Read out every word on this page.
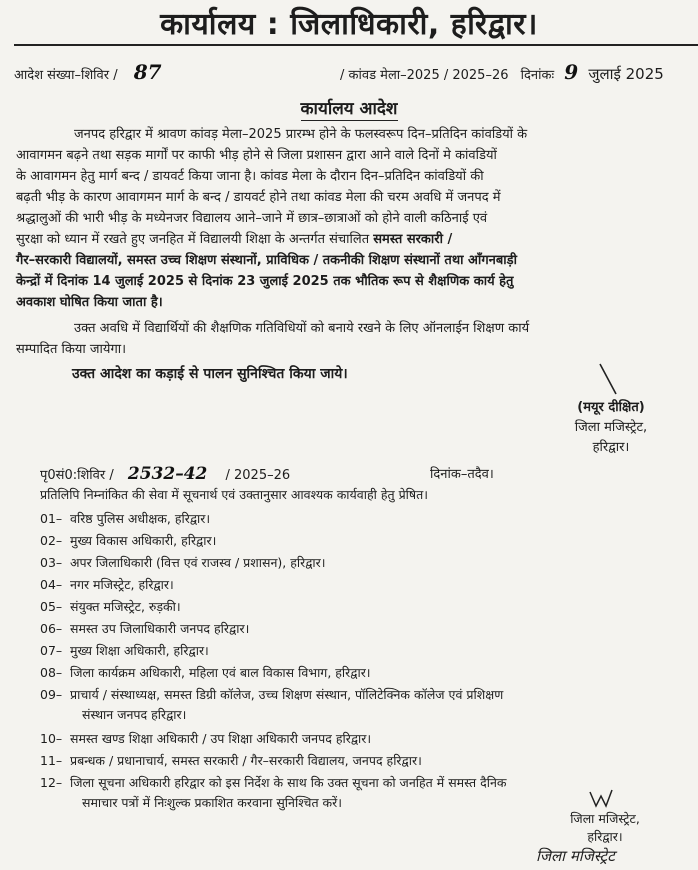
कार्यालय : जिलाधिकारी, हरिद्वार।
आदेश संख्या–शिविर / 87	/ कांवड मेला–2025 / 2025–26 दिनांकः 9 जुलाई 2025
कार्यालय आदेश
जनपद हरिद्वार में श्रावण कांवड़ मेला–2025 प्रारम्भ होने के फलस्वरूप दिन–प्रतिदिन कांवडियों के
आवागमन बढ़ने तथा सड़क मार्गों पर काफी भीड़ होने से जिला प्रशासन द्वारा आने वाले दिनों मे कांवडियों
के आवागमन हेतु मार्ग बन्द / डायवर्ट किया जाना है। कांवड मेला के दौरान दिन–प्रतिदिन कांवडियों की
बढ़ती भीड़ के कारण आवागमन मार्ग के बन्द / डायवर्ट होने तथा कांवड मेला की चरम अवधि में जनपद में
श्रद्धालुओं की भारी भीड़ के मध्येनजर विद्यालय आने–जाने में छात्र–छात्राओं को होने वाली कठिनाई एवं
सुरक्षा को ध्यान में रखते हुए जनहित में विद्यालयी शिक्षा के अन्तर्गत संचालित समस्त सरकारी /
गैर–सरकारी विद्यालयों, समस्त उच्च शिक्षण संस्थानों, प्राविधिक / तकनीकी शिक्षण संस्थानों तथा आँगनबाड़ी
केन्द्रों में दिनांक 14 जुलाई 2025 से दिनांक 23 जुलाई 2025 तक भौतिक रूप से शैक्षणिक कार्य हेतु
अवकाश घोषित किया जाता है।
उक्त अवधि में विद्यार्थियों की शैक्षणिक गतिविधियों को बनाये रखने के लिए ऑनलाईन शिक्षण कार्य
सम्पादित किया जायेगा।
उक्त आदेश का कड़ाई से पालन सुनिश्चित किया जाये।
(मयूर दीक्षित)
जिला मजिस्ट्रेट,
हरिद्वार।
पृ0सं0:शिविर / 2532–42 / 2025–26	दिनांक–तदैव।
प्रतिलिपि निम्नांकित की सेवा में सूचनार्थ एवं उक्तानुसार आवश्यक कार्यवाही हेतु प्रेषित।
01– वरिष्ठ पुलिस अधीक्षक, हरिद्वार।
02– मुख्य विकास अधिकारी, हरिद्वार।
03– अपर जिलाधिकारी (वित्त एवं राजस्व / प्रशासन), हरिद्वार।
04– नगर मजिस्ट्रेट, हरिद्वार।
05– संयुक्त मजिस्ट्रेट, रुड़की।
06– समस्त उप जिलाधिकारी जनपद हरिद्वार।
07– मुख्य शिक्षा अधिकारी, हरिद्वार।
08– जिला कार्यक्रम अधिकारी, महिला एवं बाल विकास विभाग, हरिद्वार।
09– प्राचार्य / संस्थाध्यक्ष, समस्त डिग्री कॉलेज, उच्च शिक्षण संस्थान, पॉलिटेक्निक कॉलेज एवं प्रशिक्षण
संस्थान जनपद हरिद्वार।
10– समस्त खण्ड शिक्षा अधिकारी / उप शिक्षा अधिकारी जनपद हरिद्वार।
11– प्रबन्धक / प्रधानाचार्य, समस्त सरकारी / गैर–सरकारी विद्यालय, जनपद हरिद्वार।
12– जिला सूचना अधिकारी हरिद्वार को इस निर्देश के साथ कि उक्त सूचना को जनहित में समस्त दैनिक
समाचार पत्रों में निःशुल्क प्रकाशित करवाना सुनिश्चित करें।
जिला मजिस्ट्रेट,
हरिद्वार।
जिला मजिस्ट्रेट
